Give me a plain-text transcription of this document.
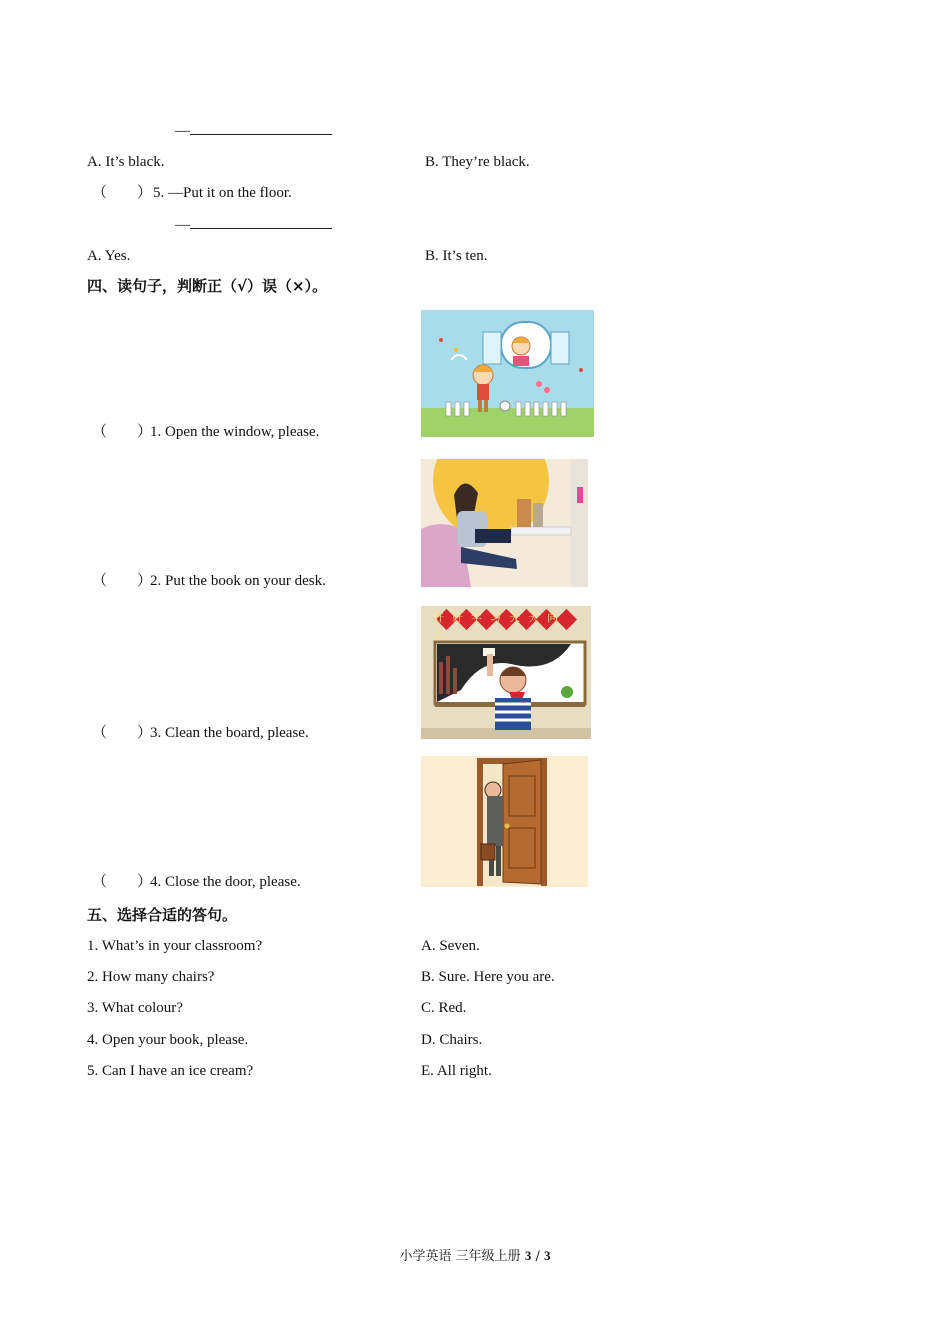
—
A. It’s black.	B. They’re black.
（　　） 5. —Put it on the floor.
—
A. Yes.	B. It’s ten.
四、读句子，判断正（√）误（×）。
（　　）1. Open the window, please.
（　　）2. Put the book on your desk.
（　　）3. Clean the board, please.
（　　）4. Close the door, please.
好好学习天天向上
五、选择合适的答句。
1. What’s in your classroom?
2. How many chairs?
3. What colour?
4. Open your book, please.
5. Can I have an ice cream?
A. Seven.
B. Sure. Here you are.
C. Red.
D. Chairs.
E. All right.
小学英语 三年级上册 3 / 3
